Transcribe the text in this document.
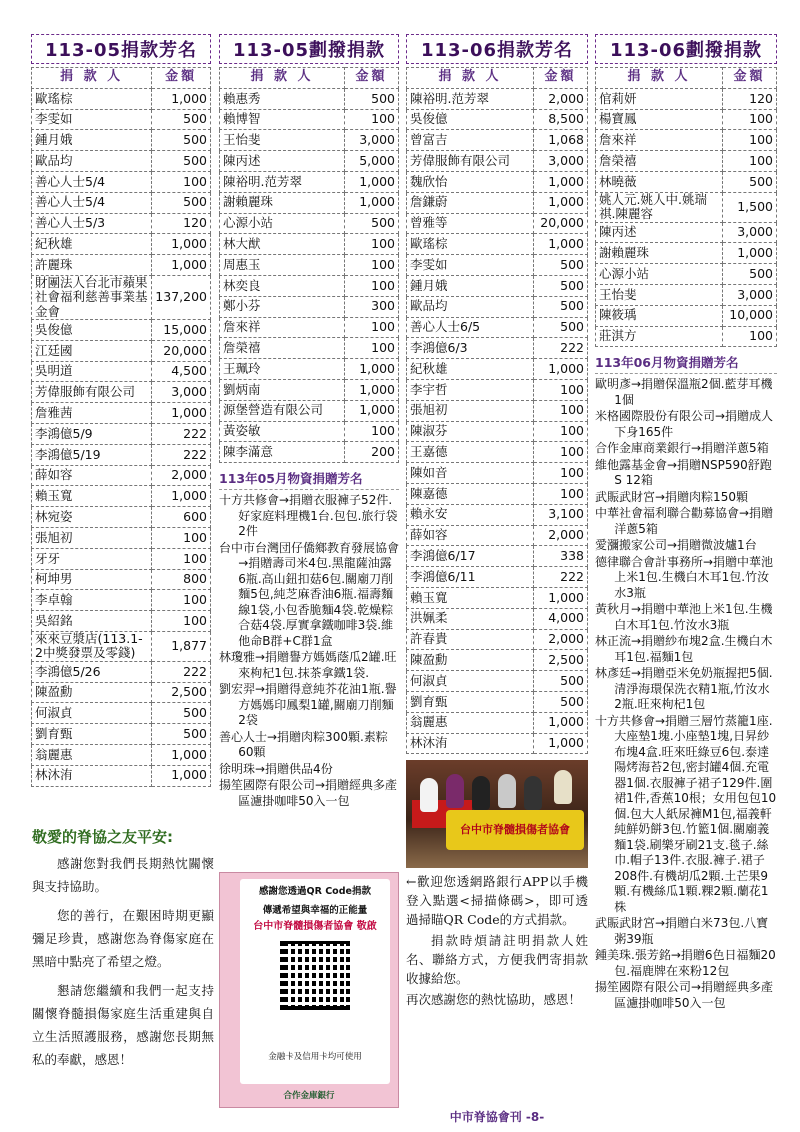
113-05捐款芳名
捐 款 人	金額
歐瑤棕	1,000
李雯如	500
鍾月娥	500
歐品均	500
善心人士5/4	100
善心人士5/4	500
善心人士5/3	120
紀秋雄	1,000
許麗珠	1,000
財團法人台北市蘋果社會福利慈善事業基金會	137,200
吳俊億	15,000
江廷國	20,000
吳明道	4,500
芳偉服飾有限公司	3,000
詹雅茜	1,000
李鴻億5/9	222
李鴻億5/19	222
薛如容	2,000
賴玉寬	1,000
林宛姿	600
張旭初	100
牙牙	100
柯坤男	800
李卓翰	100
吳紹銘	100
來來豆漿店(113.1-2中獎發票及零錢)	1,877
李鴻億5/26	222
陳盈勳	2,500
何淑貞	500
劉育甄	500
翁麗惠	1,000
林沐洧	1,000
113-05劃撥捐款
捐 款 人	金額
賴惠秀	500
賴博智	100
王怡斐	3,000
陳丙述	5,000
陳裕明.范芳翠	1,000
謝賴麗珠	1,000
心源小站	500
林大猷	100
周惠玉	100
林奕良	100
鄭小芬	300
詹來祥	100
詹榮禧	100
王珮玲	1,000
劉炳南	1,000
源堡營造有限公司	1,000
黃姿敏	100
陳李滿意	200
113年05月物資捐贈芳名
十方共修會→捐贈衣服褲子52件.好家庭料理機1台.包包.旅行袋2件
台中市台灣団仔僑鄉教育發展協會→捐贈壽司米4包.黑龍薩油露6瓶.高山鈕扣菇6包.關廟刀削麵5包,純芝麻香油6瓶.福壽麵線1袋,小包香脆麵4袋.乾燥粽合菇4袋.厚實拿鐵咖啡3袋.維他命B群+C群1盒
林瓊雅→捐贈譽方媽媽蔭瓜2罐.旺來枸杞1包.抹茶拿鐵1袋.
劉宏羿→捐贈得意純芥花油1瓶.譽方媽媽印鳳梨1罐,關廟刀削麵2袋
善心人士→捐贈肉粽300顆.素粽60顆
徐明珠→捐贈供品4份
揚笙國際有限公司→捐贈經典多產區濾掛咖啡50入一包
113-06捐款芳名
捐 款 人	金額
陳裕明.范芳翠	2,000
吳俊億	8,500
曾富吉	1,068
芳偉服飾有限公司	3,000
魏欣怡	1,000
詹鎌蔚	1,000
曾雅等	20,000
歐瑤棕	1,000
李雯如	500
鍾月娥	500
歐品均	500
善心人士6/5	500
李鴻億6/3	222
紀秋雄	1,000
李宇哲	100
張旭初	100
陳淑芬	100
王嘉德	100
陳如音	100
陳嘉德	100
賴永安	3,100
薛如容	2,000
李鴻億6/17	338
李鴻億6/11	222
賴玉寬	1,000
洪姵柔	4,000
許春貴	2,000
陳盈勳	2,500
何淑貞	500
劉育甄	500
翁麗惠	1,000
林沐洧	1,000
113-06劃撥捐款
捐 款 人	金額
倌莉妍	120
楊寶鳳	100
詹來祥	100
詹榮禧	100
林曉薇	500
姚人元.姚人中.姚瑞祺.陳麗容	1,500
陳丙述	3,000
謝賴麗珠	1,000
心源小站	500
王怡斐	3,000
陳筱瑀	10,000
莊淇方	100
113年06月物資捐贈芳名
歐明彥→捐贈保溫瓶2個.藍芽耳機1個
米格國際股份有限公司→捐贈成人下身165件
合作金庫商業銀行→捐贈洋蔥5箱
維他露基金會→捐贈NSP590舒跑S 12箱
武賑武財宮→捐贈肉粽150顆
中華社會福利聯合勸募協會→捐贈洋蔥5箱
愛瀰搬家公司→捐贈微波爐1台
德律聯合會計事務所→捐贈中華池上米1包.生機白木耳1包.竹汝水3瓶
黃秋月→捐贈中華池上米1包.生機白木耳1包.竹汝水3瓶
林正流→捐贈紗布塊2盒.生機白木耳1包.福麵1包
林彥廷→捐贈亞米免奶瓶握把5個.清淨海環保洗衣精1瓶,竹汝水2瓶.旺來枸杞1包
十方共修會→捐贈三層竹蒸籠1座.大座墊1塊.小座墊1塊,日昇紗布塊4盒.旺來旺綠豆6包.泰達陽烤海苔2包,密封罐4個.充電器1個.衣服褲子裙子129件.圍裙1件,香蕉10根；女用包包10個.包大人紙尿褲M1包,福義軒純鮮奶餅3包.竹籃1個.關廟義麵1袋.刷樂牙刷21支.毯子.絲巾.帽子13件.衣服.褲子.裙子208件.有機胡瓜2顆.土芒果9顆.有機絲瓜1顆.粿2顆.蘭花1株
武賑武財宮→捐贈白米73包.八寶粥39瓶
鍾美珠.張芳銘→捐贈6色日福麵20包.福鹿牌在來粉12包
揚笙國際有限公司→捐贈經典多產區濾掛咖啡50入一包
敬愛的脊協之友平安:

感謝您對我們長期熱忱關懷與支持協助。

您的善行，在艱困時期更顯彌足珍貴，感謝您為脊傷家庭在黑暗中點亮了希望之燈。

懇請您繼續和我們一起支持關懷脊髓損傷家庭生活重建與自立生活照護服務，感謝您長期無私的奉獻，感恩！

感謝您透過QR Code捐款
傳遞希望與幸福的正能量
台中市脊髓損傷者協會 敬啟
金融卡及信用卡均可使用
合作金庫銀行
台中市脊髓損傷者協會

←歡迎您透網路銀行APP以手機登入點選<掃描條碼>，即可透過掃瞄QR Code的方式捐款。

捐款時煩請註明捐款人姓名、聯絡方式，方便我們寄捐款收據給您。

再次感謝您的熱忱協助，感恩！

中市脊協會刊 -8-
